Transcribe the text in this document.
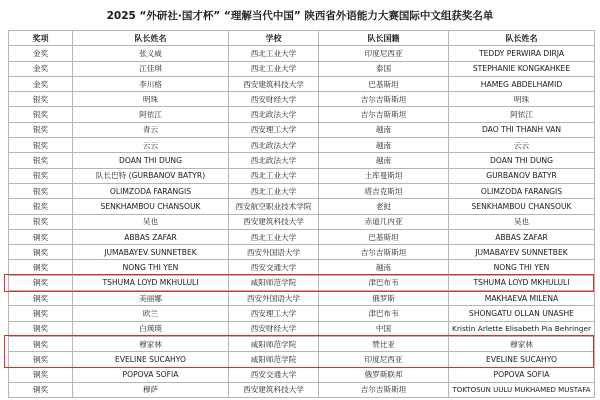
2025 “外研社·国才杯” “理解当代中国” 陕西省外语能力大赛国际中文组获奖名单
奖项	队长姓名	学校	队长国籍	队长姓名
金奖	张义威	西北工业大学	印度尼西亚	TEDDY PERWIRA DIRJA
金奖	江佳琪	西北工业大学	泰国	STEPHANIE KONGKAHKEE
金奖	李川格	西安建筑科技大学	巴基斯坦	HAMEG ABDELHAMID
银奖	明珠	西安财经大学	吉尔吉斯斯坦	明珠
银奖	阿依江	西北政法大学	吉尔吉斯斯坦	阿依江
银奖	青云	西安理工大学	越南	DAO THI THANH VAN
银奖	云云	西北政法大学	越南	云云
银奖	DOAN THI DUNG	西北政法大学	越南	DOAN THI DUNG
银奖	队长巴特 (GURBANOV BATYR)	西北工业大学	土库曼斯坦	GURBANOV BATYR
银奖	OLIMZODA FARANGIS	西北工业大学	塔吉克斯坦	OLIMZODA FARANGIS
银奖	SENKHAMBOU CHANSOUK	西安航空职业技术学院	老挝	SENKHAMBOU CHANSOUK
银奖	吴也	西安建筑科技大学	赤道几内亚	吴也
铜奖	ABBAS ZAFAR	西北工业大学	巴基斯坦	ABBAS ZAFAR
铜奖	JUMABAYEV SUNNETBEK	西安外国语大学	吉尔吉斯斯坦	JUMABAYEV SUNNETBEK
铜奖	NONG THI YEN	西安交通大学	越南	NONG THI YEN
铜奖	TSHUMA LOYD MKHULULI	咸阳师范学院	津巴布韦	TSHUMA LOYD MKHULULI
铜奖	美丽娜	西安外国语大学	俄罗斯	MAKHAEVA MILENA
铜奖	欧兰	西安理工大学	津巴布韦	SHONGATU OLLAN UNASHE
铜奖	白瑛瑛	西安财经大学	中国	Kristin Arlette Elisabeth Pia Behringer
铜奖	穆家林	咸阳师范学院	赞比亚	穆家林
铜奖	EVELINE SUCAHYO	咸阳师范学院	印度尼西亚	EVELINE SUCAHYO
铜奖	POPOVA SOFIA	西安交通大学	俄罗斯联邦	POPOVA SOFIA
铜奖	穆萨	西安建筑科技大学	吉尔吉斯斯坦	TOKTOSUN UULU MUKHAMED MUSTAFA
